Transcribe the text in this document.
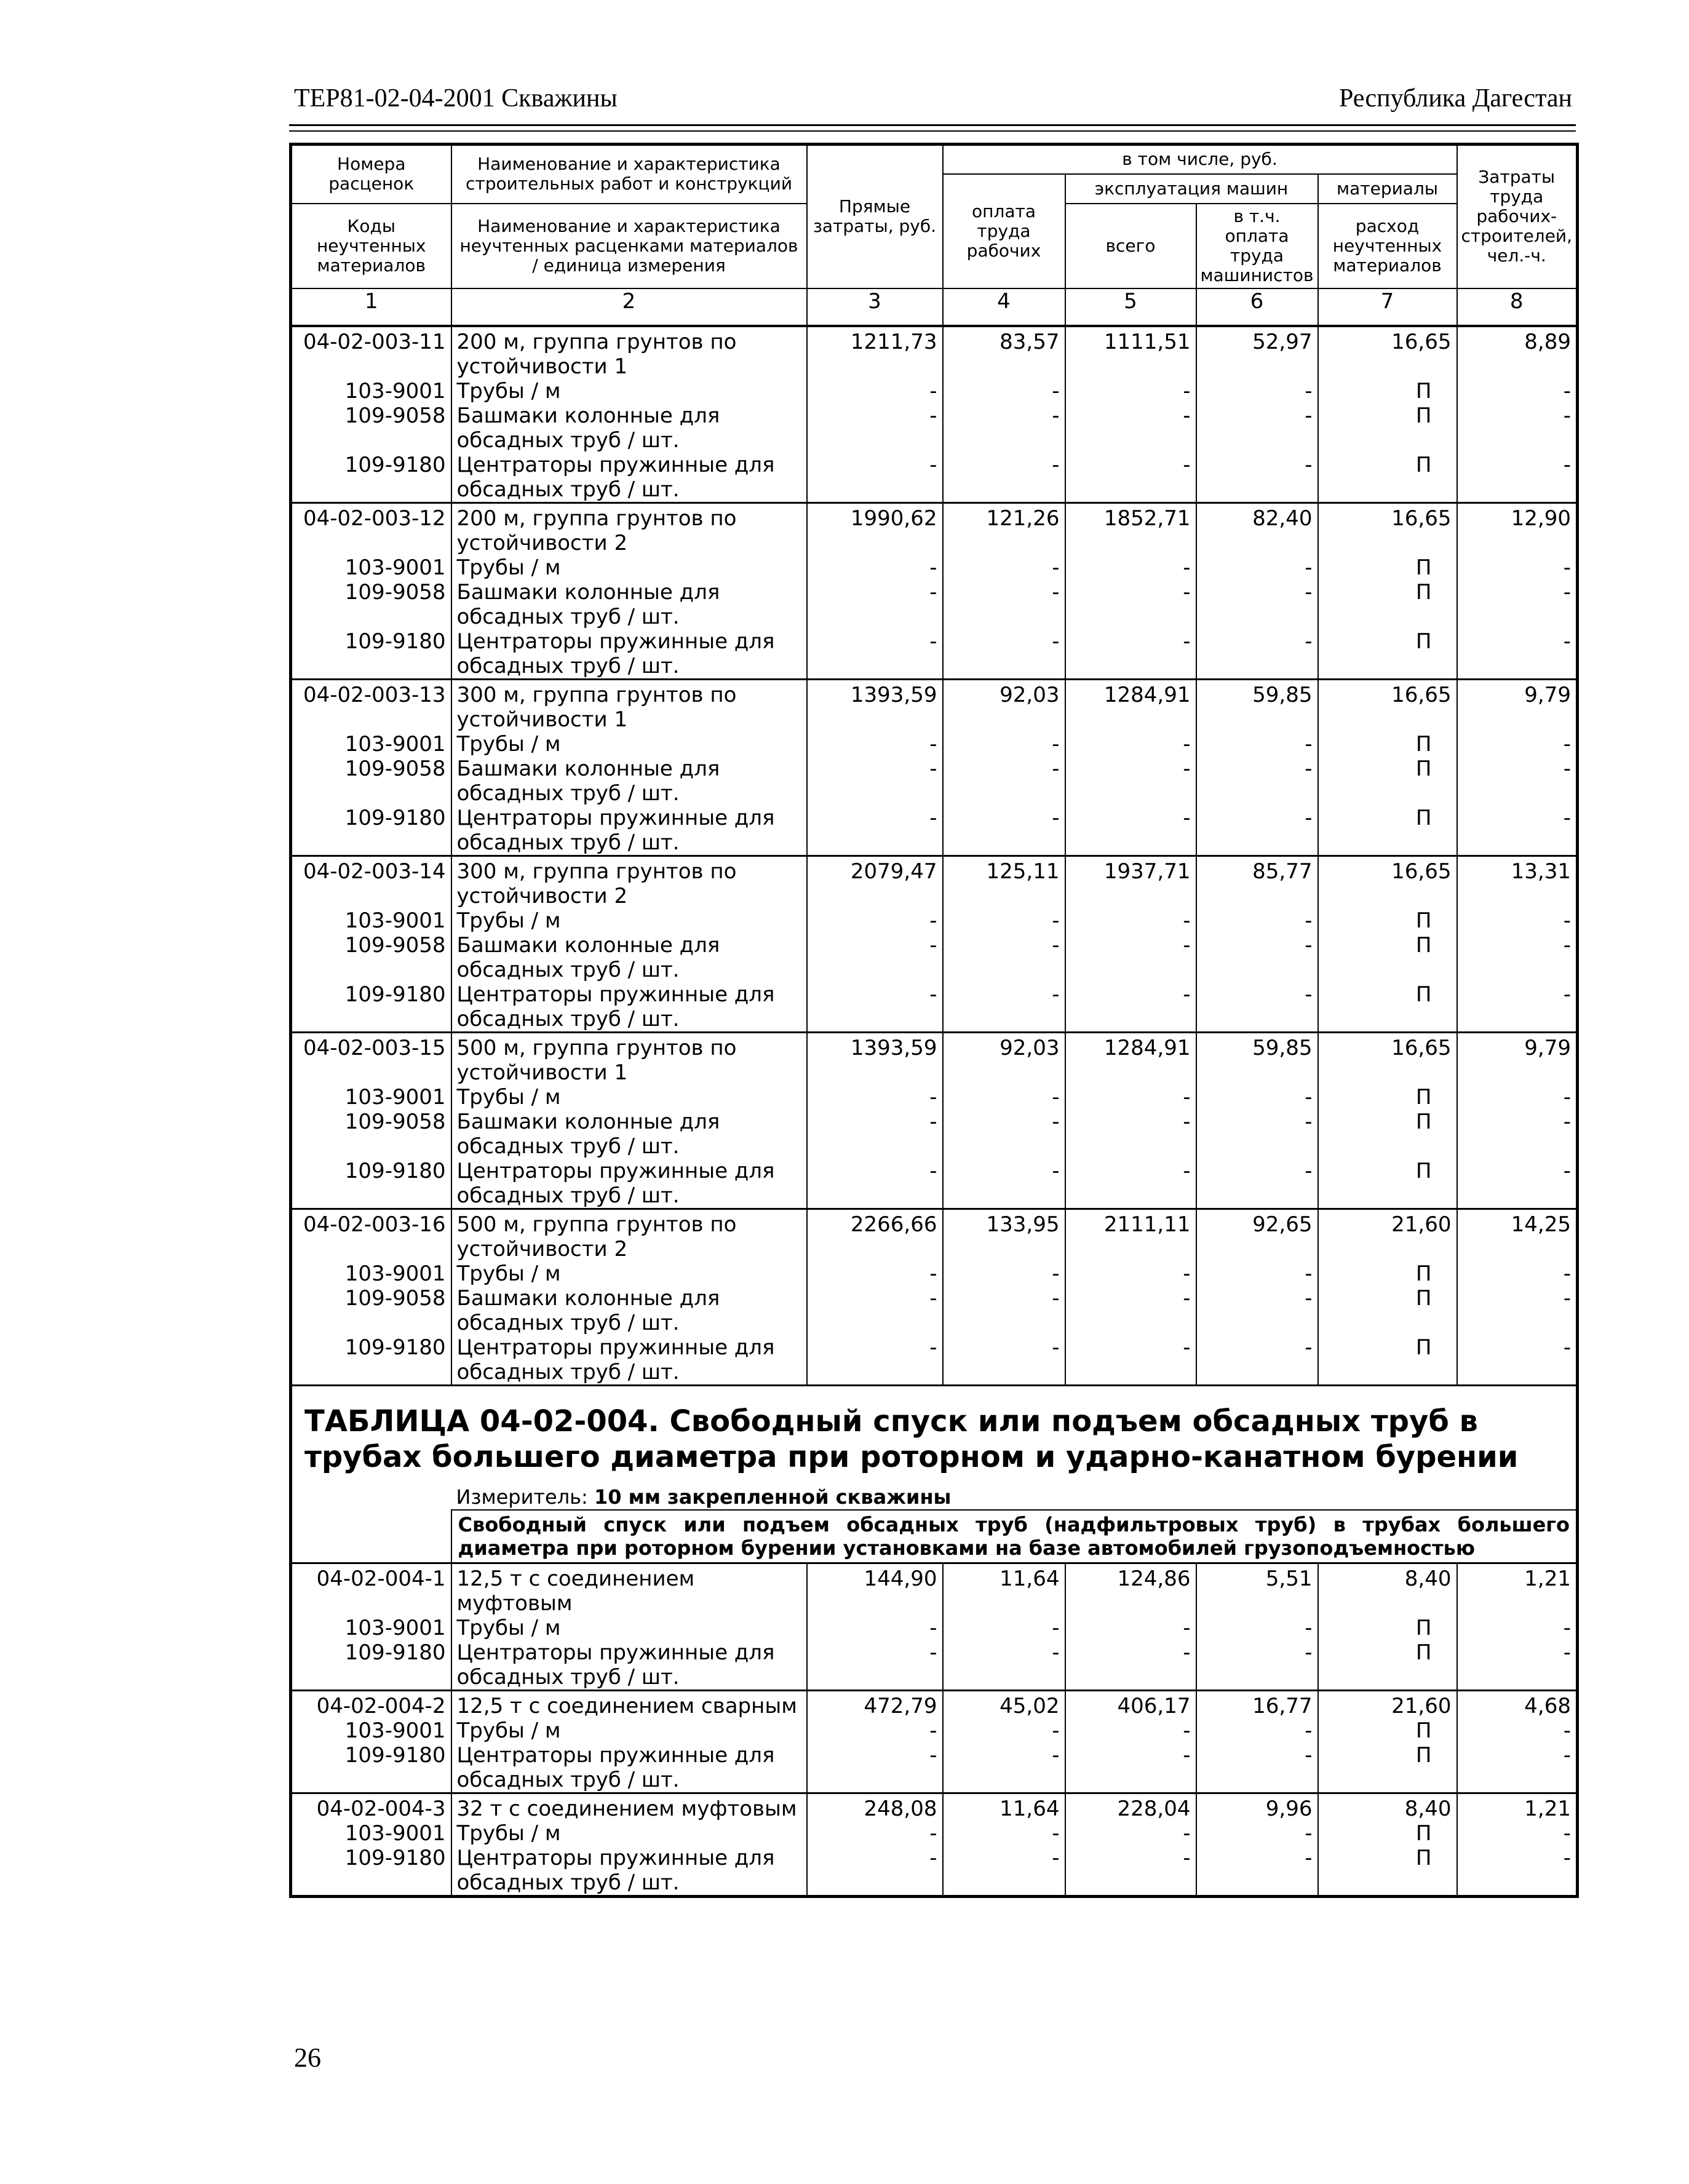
ТЕР81-02-04-2001 Скважины	Республика Дагестан
Номера расценок	Наименование и характеристика строительных работ и конструкций	Прямые затраты, руб.	в том числе, руб.				Затраты труда рабочих-строителей, чел.-ч.
			оплата труда рабочих	эксплуатация машин		материалы	
Коды неучтенных материалов	Наименование и характеристика неучтенных расценками материалов / единица измерения			всего	в т.ч. оплата труда машинистов	расход неучтенных материалов	

1	2	3	4	5	6	7	8
04-02-003-11	200 м, группа грунтов по устойчивости 1	1211,73	83,57	1111,51	52,97	16,65	8,89
103-9001	Трубы / м	-	-	-	-	П	-
109-9058	Башмаки колонные для обсадных труб / шт.	-	-	-	-	П	-
109-9180	Центраторы пружинные для обсадных труб / шт.	-	-	-	-	П	-
04-02-003-12	200 м, группа грунтов по устойчивости 2	1990,62	121,26	1852,71	82,40	16,65	12,90
103-9001	Трубы / м	-	-	-	-	П	-
109-9058	Башмаки колонные для обсадных труб / шт.	-	-	-	-	П	-
109-9180	Центраторы пружинные для обсадных труб / шт.	-	-	-	-	П	-
04-02-003-13	300 м, группа грунтов по устойчивости 1	1393,59	92,03	1284,91	59,85	16,65	9,79
103-9001	Трубы / м	-	-	-	-	П	-
109-9058	Башмаки колонные для обсадных труб / шт.	-	-	-	-	П	-
109-9180	Центраторы пружинные для обсадных труб / шт.	-	-	-	-	П	-
04-02-003-14	300 м, группа грунтов по устойчивости 2	2079,47	125,11	1937,71	85,77	16,65	13,31
103-9001	Трубы / м	-	-	-	-	П	-
109-9058	Башмаки колонные для обсадных труб / шт.	-	-	-	-	П	-
109-9180	Центраторы пружинные для обсадных труб / шт.	-	-	-	-	П	-
04-02-003-15	500 м, группа грунтов по устойчивости 1	1393,59	92,03	1284,91	59,85	16,65	9,79
103-9001	Трубы / м	-	-	-	-	П	-
109-9058	Башмаки колонные для обсадных труб / шт.	-	-	-	-	П	-
109-9180	Центраторы пружинные для обсадных труб / шт.	-	-	-	-	П	-
04-02-003-16	500 м, группа грунтов по устойчивости 2	2266,66	133,95	2111,11	92,65	21,60	14,25
103-9001	Трубы / м	-	-	-	-	П	-
109-9058	Башмаки колонные для обсадных труб / шт.	-	-	-	-	П	-
109-9180	Центраторы пружинные для обсадных труб / шт.	-	-	-	-	П	-
ТАБЛИЦА 04-02-004. Свободный спуск или подъем обсадных труб в трубах большего диаметра при роторном и ударно-канатном бурении							
	Измеритель: 10 мм закрепленной скважины						
	Свободный спуск или подъем обсадных труб (надфильтровых труб) в трубах большего диаметра при роторном бурении установками на базе автомобилей грузоподъемностью						
04-02-004-1	12,5 т с соединением муфтовым	144,90	11,64	124,86	5,51	8,40	1,21
103-9001	Трубы / м	-	-	-	-	П	-
109-9180	Центраторы пружинные для обсадных труб / шт.	-	-	-	-	П	-
04-02-004-2	12,5 т с соединением сварным	472,79	45,02	406,17	16,77	21,60	4,68
103-9001	Трубы / м	-	-	-	-	П	-
109-9180	Центраторы пружинные для обсадных труб / шт.	-	-	-	-	П	-
04-02-004-3	32 т с соединением муфтовым	248,08	11,64	228,04	9,96	8,40	1,21
103-9001	Трубы / м	-	-	-	-	П	-
109-9180	Центраторы пружинные для обсадных труб / шт.	-	-	-	-	П	-
26
